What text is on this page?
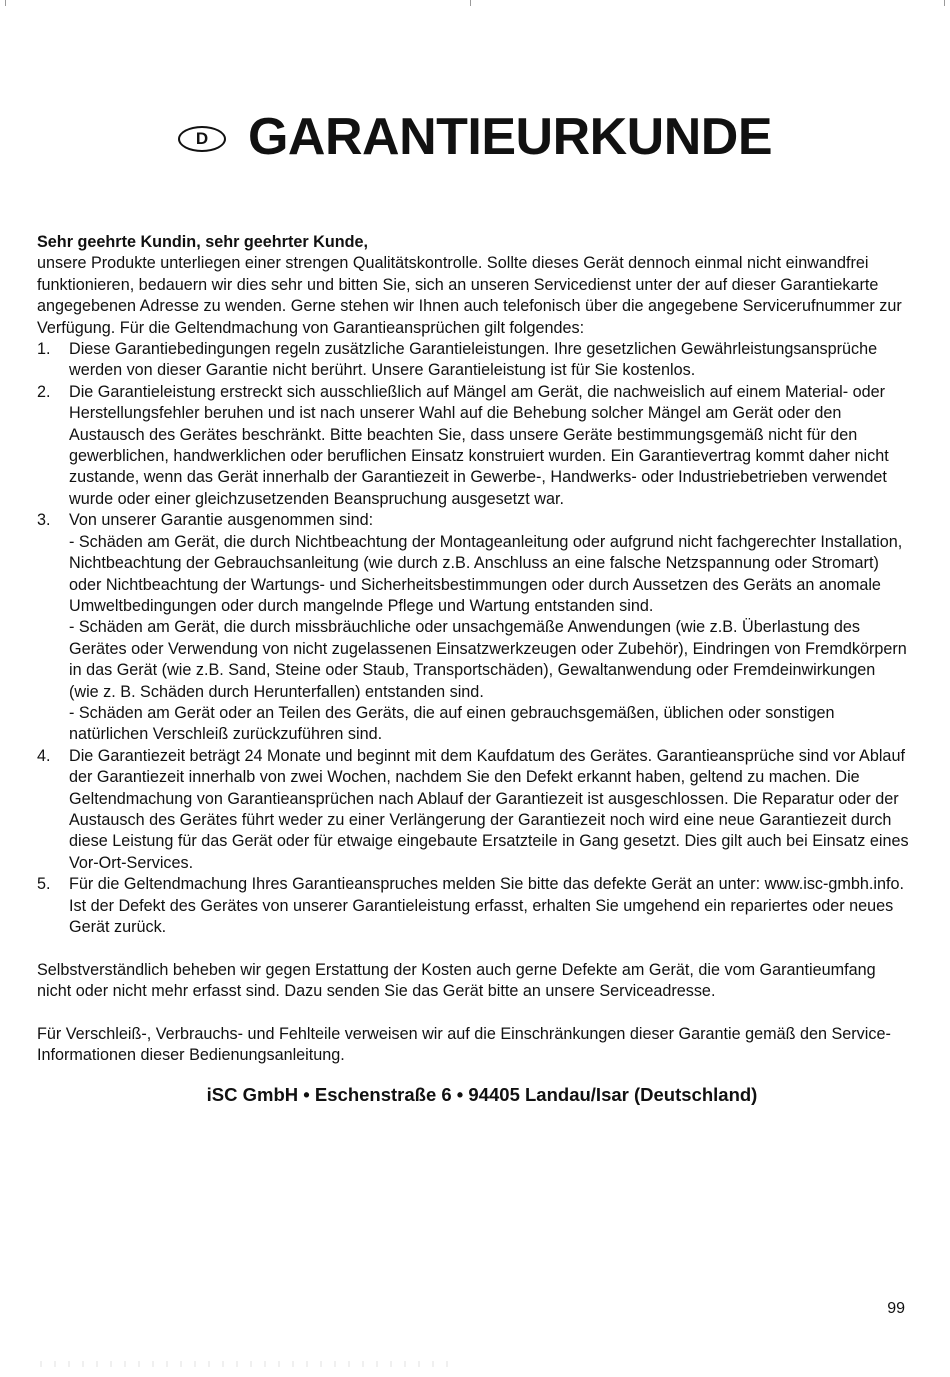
D GARANTIEURKUNDE

Sehr geehrte Kundin, sehr geehrter Kunde,

unsere Produkte unterliegen einer strengen Qualitätskontrolle. Sollte dieses Gerät dennoch einmal nicht einwandfrei funktionieren, bedauern wir dies sehr und bitten Sie, sich an unseren Servicedienst unter der auf dieser Garantiekarte angegebenen Adresse zu wenden. Gerne stehen wir Ihnen auch telefonisch über die angegebene Servicerufnummer zur Verfügung. Für die Geltendmachung von Garantieansprüchen gilt folgendes:

1. Diese Garantiebedingungen regeln zusätzliche Garantieleistungen. Ihre gesetzlichen Gewährleistungsansprüche werden von dieser Garantie nicht berührt. Unsere Garantieleistung ist für Sie kostenlos.
2. Die Garantieleistung erstreckt sich ausschließlich auf Mängel am Gerät, die nachweislich auf einem Material- oder Herstellungsfehler beruhen und ist nach unserer Wahl auf die Behebung solcher Mängel am Gerät oder den Austausch des Gerätes beschränkt. Bitte beachten Sie, dass unsere Geräte bestimmungsgemäß nicht für den gewerblichen, handwerklichen oder beruflichen Einsatz konstruiert wurden. Ein Garantievertrag kommt daher nicht zustande, wenn das Gerät innerhalb der Garantiezeit in Gewerbe-, Handwerks- oder Industriebetrieben verwendet wurde oder einer gleichzusetzenden Beanspruchung ausgesetzt war.
3. Von unserer Garantie ausgenommen sind:
- Schäden am Gerät, die durch Nichtbeachtung der Montageanleitung oder aufgrund nicht fachgerechter Installation, Nichtbeachtung der Gebrauchsanleitung (wie durch z.B. Anschluss an eine falsche Netzspannung oder Stromart) oder Nichtbeachtung der Wartungs- und Sicherheitsbestimmungen oder durch Aussetzen des Geräts an anomale Umweltbedingungen oder durch mangelnde Pflege und Wartung entstanden sind.
- Schäden am Gerät, die durch missbräuchliche oder unsachgemäße Anwendungen (wie z.B. Überlastung des Gerätes oder Verwendung von nicht zugelassenen Einsatzwerkzeugen oder Zubehör), Eindringen von Fremdkörpern in das Gerät (wie z.B. Sand, Steine oder Staub, Transportschäden), Gewaltanwendung oder Fremdeinwirkungen (wie z. B. Schäden durch Herunterfallen) entstanden sind.
- Schäden am Gerät oder an Teilen des Geräts, die auf einen gebrauchsgemäßen, üblichen oder sonstigen natürlichen Verschleiß zurückzuführen sind.
4. Die Garantiezeit beträgt 24 Monate und beginnt mit dem Kaufdatum des Gerätes. Garantieansprüche sind vor Ablauf der Garantiezeit innerhalb von zwei Wochen, nachdem Sie den Defekt erkannt haben, geltend zu machen. Die Geltendmachung von Garantieansprüchen nach Ablauf der Garantiezeit ist ausgeschlossen. Die Reparatur oder der Austausch des Gerätes führt weder zu einer Verlängerung der Garantiezeit noch wird eine neue Garantiezeit durch diese Leistung für das Gerät oder für etwaige eingebaute Ersatzteile in Gang gesetzt. Dies gilt auch bei Einsatz eines Vor-Ort-Services.
5. Für die Geltendmachung Ihres Garantieanspruches melden Sie bitte das defekte Gerät an unter: www.isc-gmbh.info. Ist der Defekt des Gerätes von unserer Garantieleistung erfasst, erhalten Sie umgehend ein repariertes oder neues Gerät zurück.

Selbstverständlich beheben wir gegen Erstattung der Kosten auch gerne Defekte am Gerät, die vom Garantieumfang nicht oder nicht mehr erfasst sind. Dazu senden Sie das Gerät bitte an unsere Serviceadresse.

Für Verschleiß-, Verbrauchs- und Fehlteile verweisen wir auf die Einschränkungen dieser Garantie gemäß den Service-Informationen dieser Bedienungsanleitung.

iSC GmbH • Eschenstraße 6 • 94405 Landau/Isar (Deutschland)

99
